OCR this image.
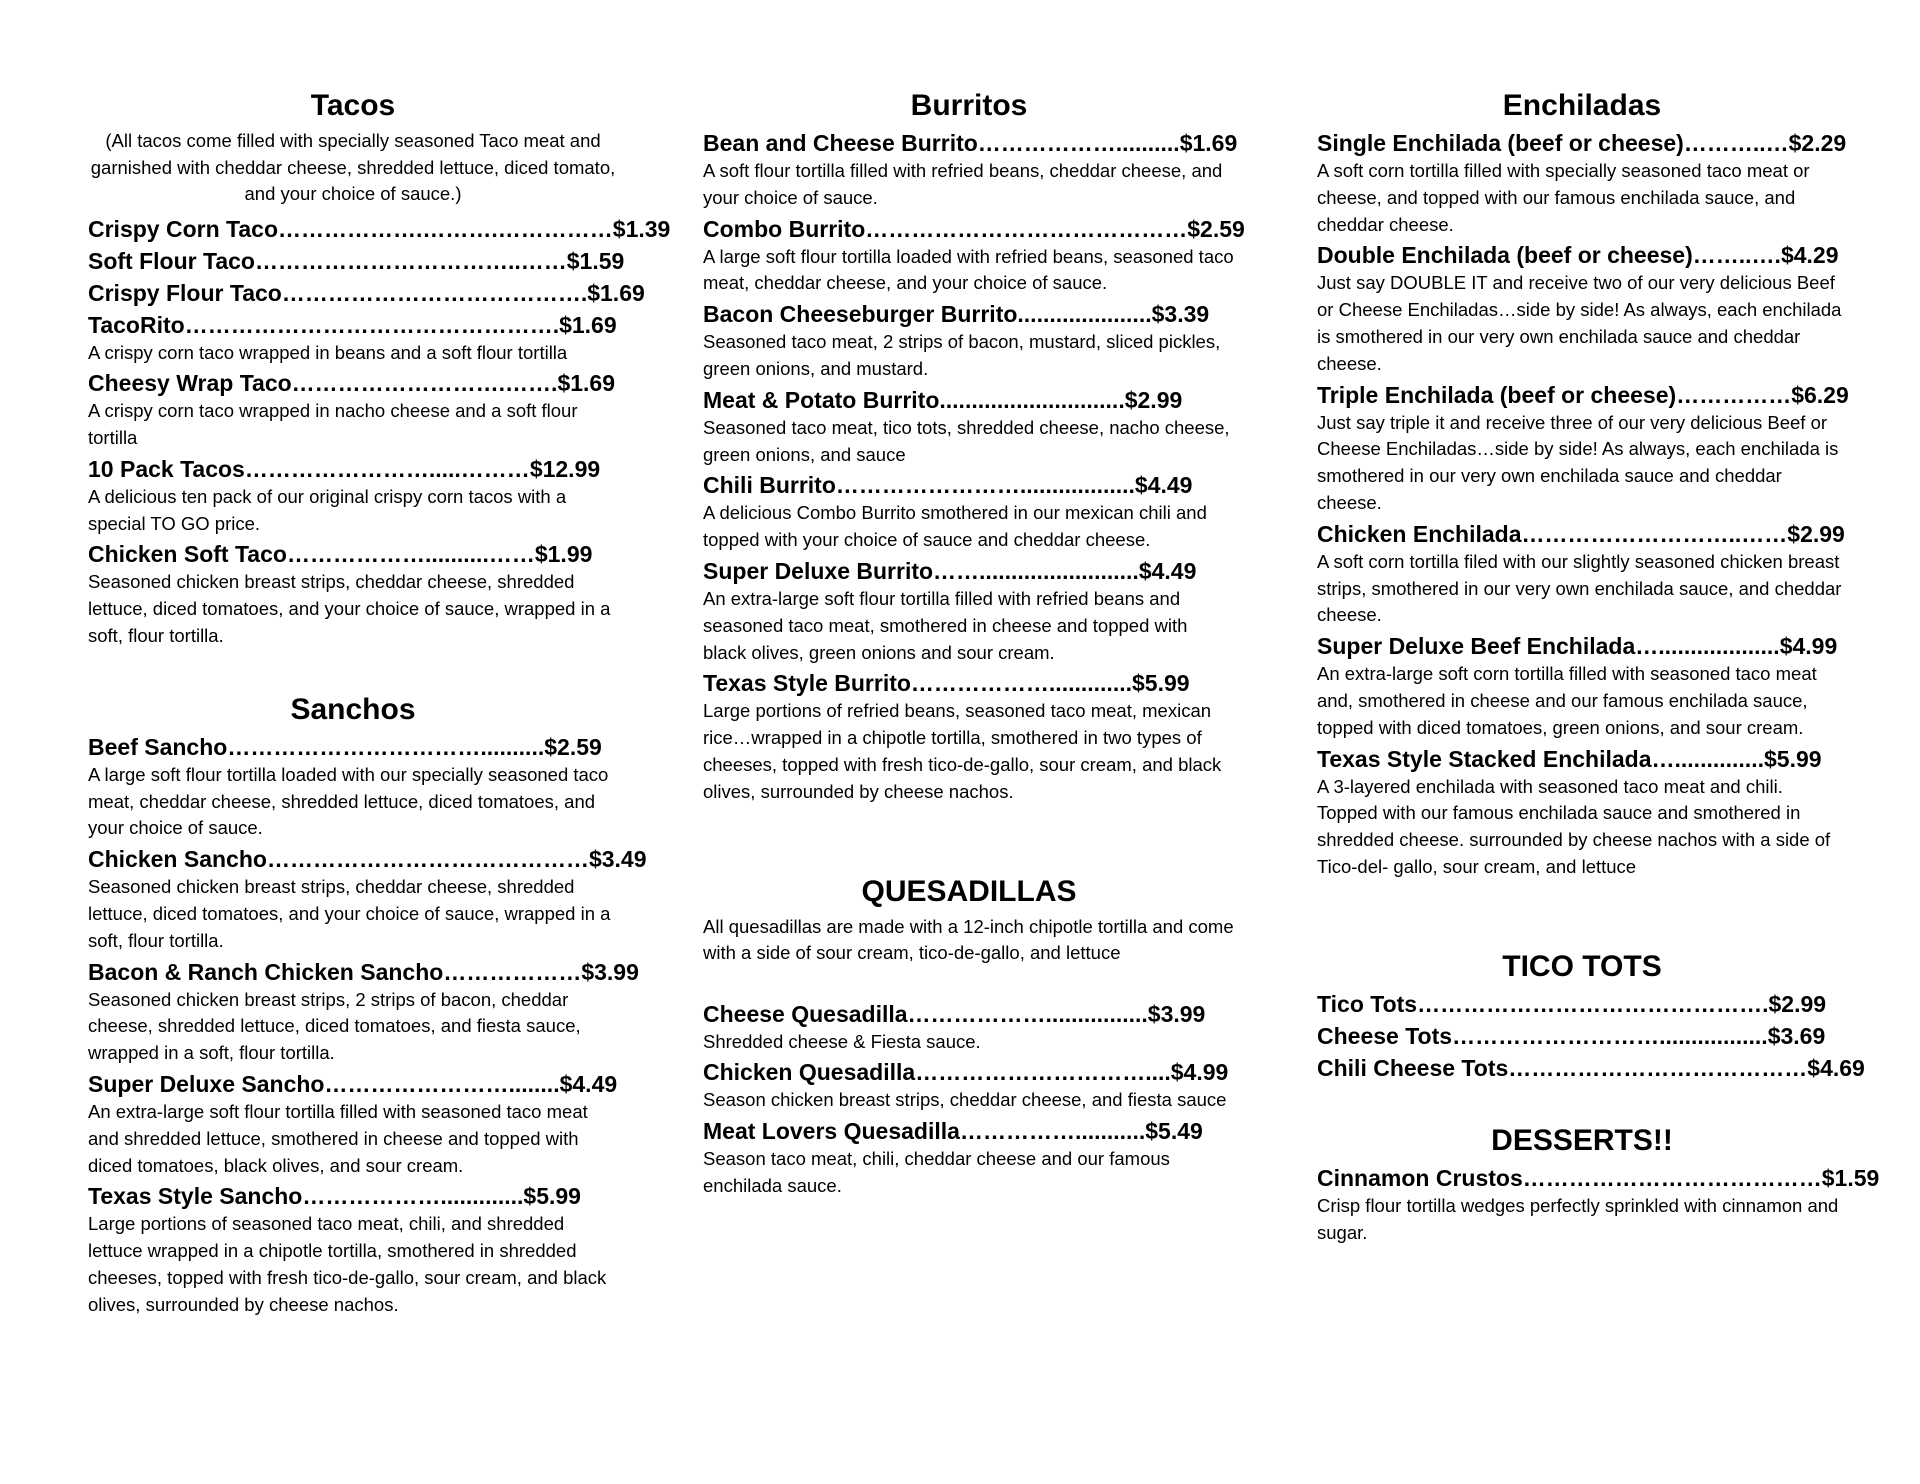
Tacos

(All tacos come filled with specially seasoned Taco meat and garnished with cheddar cheese, shredded lettuce, diced tomato, and your choice of sauce.)

Crispy Corn Taco……………….……….……………$1.39
Soft Flour Taco……………………………..……$1.59
Crispy Flour Taco………………………………….$1.69
TacoRito………………………………………….$1.69

A crispy corn taco wrapped in beans and a soft flour tortilla

Cheesy Wrap Taco……………………….…….$1.69

A crispy corn taco wrapped in nacho cheese and a soft flour tortilla

10 Pack Tacos…………………….....………$12.99

A delicious ten pack of our original crispy corn tacos with a special TO GO price.

Chicken Soft Taco………………..........……$1.99

Seasoned chicken breast strips, cheddar cheese, shredded lettuce, diced tomatoes, and your choice of sauce, wrapped in a soft, flour tortilla.

Sanchos
Beef Sancho……………………………..........$2.59

A large soft flour tortilla loaded with our specially seasoned taco meat, cheddar cheese, shredded lettuce, diced tomatoes, and your choice of sauce.

Chicken Sancho……………………………………$3.49

Seasoned chicken breast strips, cheddar cheese, shredded lettuce, diced tomatoes, and your choice of sauce, wrapped in a soft, flour tortilla.

Bacon & Ranch Chicken Sancho………………$3.99

Seasoned chicken breast strips, 2 strips of bacon, cheddar cheese, shredded lettuce, diced tomatoes, and fiesta sauce, wrapped in a soft, flour tortilla.

Super Deluxe Sancho……………………........$4.49

An extra-large soft flour tortilla filled with seasoned taco meat and shredded lettuce, smothered in cheese and topped with diced tomatoes, black olives, and sour cream.

Texas Style Sancho……………….............$5.99

Large portions of seasoned taco meat, chili, and shredded lettuce wrapped in a chipotle tortilla, smothered in shredded cheeses, topped with fresh tico-de-gallo, sour cream, and black olives, surrounded by cheese nachos.

Burritos
Bean and Cheese Burrito………………..........$1.69

A soft flour tortilla filled with refried beans, cheddar cheese, and your choice of sauce.

Combo Burrito……………………………………$2.59

A large soft flour tortilla loaded with refried beans, seasoned taco meat, cheddar cheese, and your choice of sauce.

Bacon Cheeseburger Burrito.....................$3.39

Seasoned taco meat, 2 strips of bacon, mustard, sliced pickles, green onions, and mustard.

Meat & Potato Burrito.............................$2.99

Seasoned taco meat, tico tots, shredded cheese, nacho cheese, green onions, and sauce

Chili Burrito……………………..................$4.49

A delicious Combo Burrito smothered in our mexican chili and topped with your choice of sauce and cheddar cheese.

Super Deluxe Burrito…….........................$4.49

An extra-large soft flour tortilla filled with refried beans and seasoned taco meat, smothered in cheese and topped with black olives, green onions and sour cream.

Texas Style Burrito……………….............$5.99

Large portions of refried beans, seasoned taco meat, mexican rice…wrapped in a chipotle tortilla, smothered in two types of cheeses, topped with fresh tico-de-gallo, sour cream, and black olives, surrounded by cheese nachos.

QUESADILLAS

All quesadillas are made with a 12-inch chipotle tortilla and come with a side of sour cream, tico-de-gallo, and lettuce

Cheese Quesadilla………………................$3.99

Shredded cheese & Fiesta sauce.

Chicken Quesadilla…………………………....$4.99

Season chicken breast strips, cheddar cheese, and fiesta sauce

Meat Lovers Quesadilla……………...........$5.49

Season taco meat, chili, cheddar cheese and our famous enchilada sauce.

Enchiladas
Single Enchilada (beef or cheese)………..…$2.29

A soft corn tortilla filled with specially seasoned taco meat or cheese, and topped with our famous enchilada sauce, and cheddar cheese.

Double Enchilada (beef or cheese)……..….$4.29

Just say DOUBLE IT and receive two of our very delicious Beef or Cheese Enchiladas…side by side! As always, each enchilada is smothered in our very own enchilada sauce and cheddar cheese.

Triple Enchilada (beef or cheese)……………$6.29

Just say triple it and receive three of our very delicious Beef or Cheese Enchiladas…side by side! As always, each enchilada is smothered in our very own enchilada sauce and cheddar cheese.

Chicken Enchilada………………………..……$2.99

A soft corn tortilla filed with our slightly seasoned chicken breast strips, smothered in our very own enchilada sauce, and cheddar cheese.

Super Deluxe Beef Enchilada…...................$4.99

An extra-large soft corn tortilla filled with seasoned taco meat and, smothered in cheese and our famous enchilada sauce, topped with diced tomatoes, green onions, and sour cream.

Texas Style Stacked Enchilada…..............$5.99

A 3-layered enchilada with seasoned taco meat and chili. Topped with our famous enchilada sauce and smothered in shredded cheese. surrounded by cheese nachos with a side of Tico-del- gallo, sour cream, and lettuce

TICO TOTS
Tico Tots……………………………………….$2.99
Cheese Tots……………………….................$3.69
Chili Cheese Tots…………………………………$4.69
DESSERTS!!
Cinnamon Crustos…………………………………$1.59

Crisp flour tortilla wedges perfectly sprinkled with cinnamon and sugar.
